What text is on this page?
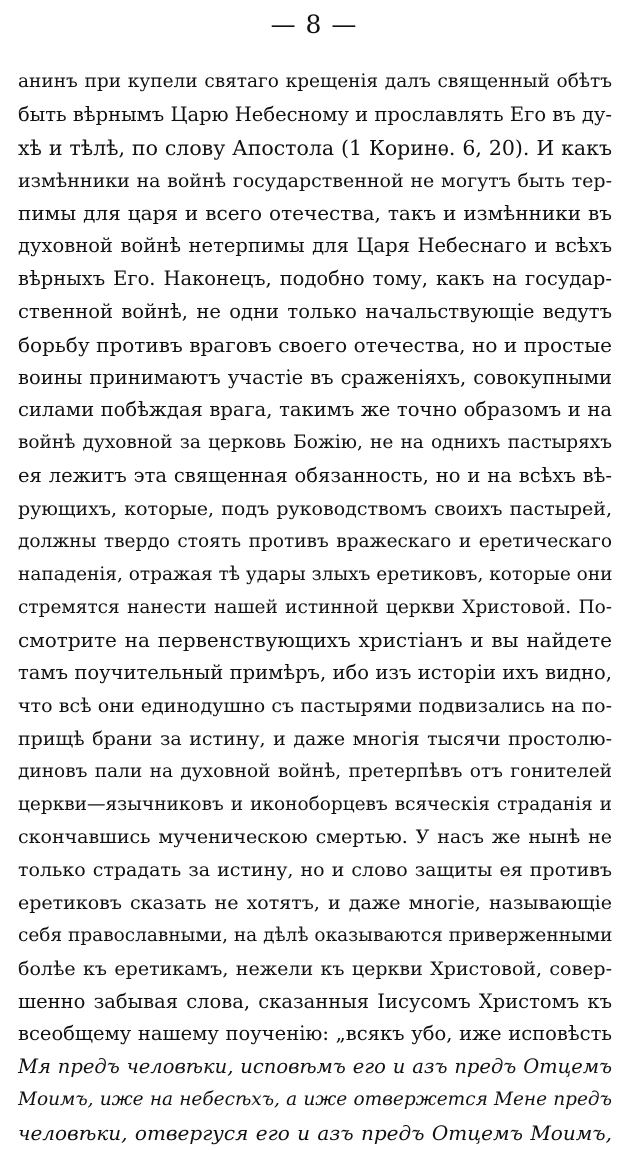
— 8 —
анинъ при купели святаго крещенія далъ священный обѣтъ
быть вѣрнымъ Царю Небесному и прославлять Его въ ду-
хѣ и тѣлѣ, по слову Апостола (1 Коринѳ. 6, 20). И какъ
измѣнники на войнѣ государственной не могутъ быть тер-
пимы для царя и всего отечества, такъ и измѣнники въ
духовной войнѣ нетерпимы для Царя Небеснаго и всѣхъ
вѣрныхъ Его. Наконецъ, подобно тому, какъ на государ-
ственной войнѣ, не одни только начальствующіе ведутъ
борьбу противъ враговъ своего отечества, но и простые
воины принимаютъ участіе въ сраженіяхъ, совокупными
силами побѣждая врага, такимъ же точно образомъ и на
войнѣ духовной за церковь Божію, не на однихъ пастыряхъ
ея лежитъ эта священная обязанность, но и на всѣхъ вѣ-
рующихъ, которые, подъ руководствомъ своихъ пастырей,
должны твердо стоять противъ вражескаго и еретическаго
нападенія, отражая тѣ удары злыхъ еретиковъ, которые они
стремятся нанести нашей истинной церкви Христовой. По-
смотрите на первенствующихъ христіанъ и вы найдете
тамъ поучительный примѣръ, ибо изъ исторіи ихъ видно,
что всѣ они единодушно съ пастырями подвизались на по-
прищѣ брани за истину, и даже многія тысячи простолю-
диновъ пали на духовной войнѣ, претерпѣвъ отъ гонителей
церкви—язычниковъ и иконоборцевъ всяческія страданія и
скончавшись мученическою смертью. У насъ же нынѣ не
только страдать за истину, но и слово защиты ея противъ
еретиковъ сказать не хотятъ, и даже многіе, называющіе
себя православными, на дѣлѣ оказываются приверженными
болѣе къ еретикамъ, нежели къ церкви Христовой, совер-
шенно забывая слова, сказанныя Іисусомъ Христомъ къ
всеобщему нашему поученію: „всякъ убо, иже исповѣсть
Мя предъ человѣки, исповѣмъ его и азъ предъ Отцемъ
Моимъ, иже на небесѣхъ, а иже отвержется Мене предъ
человѣки, отвергуся его и азъ предъ Отцемъ Моимъ,
